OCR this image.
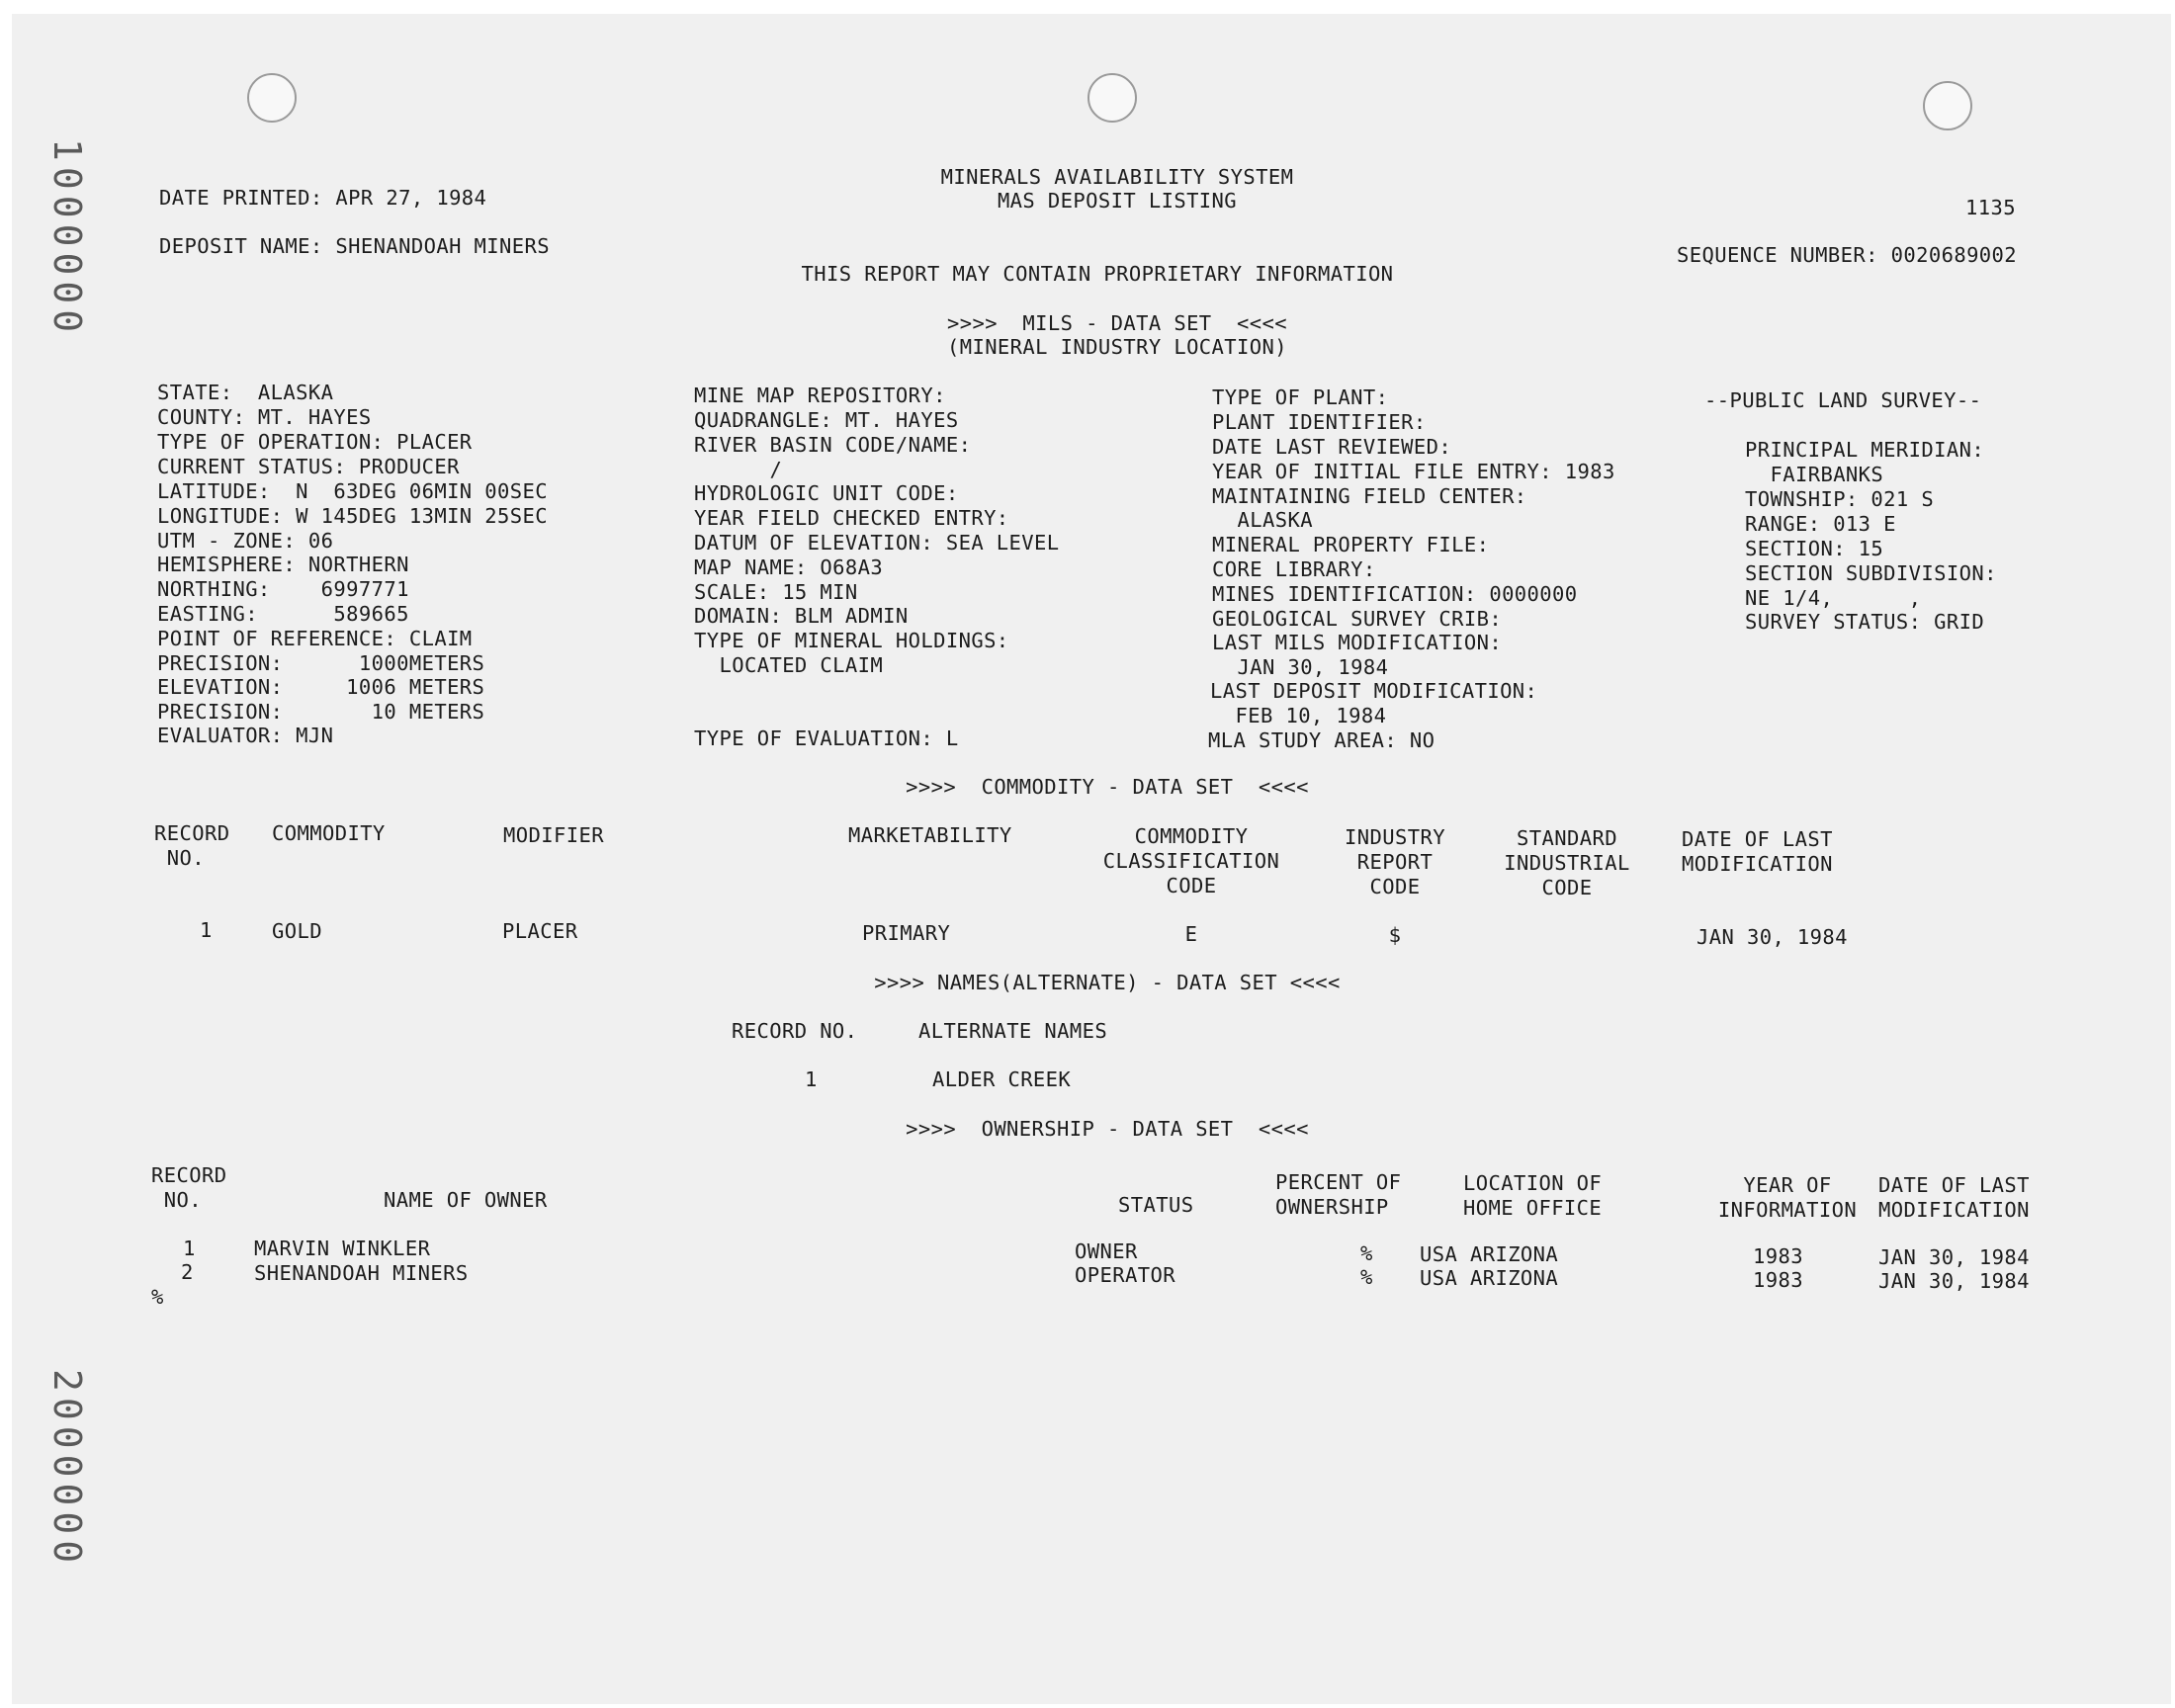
1000000
2000000
DATE PRINTED: APR 27, 1984
DEPOSIT NAME: SHENANDOAH MINERS
MINERALS AVAILABILITY SYSTEM
MAS DEPOSIT LISTING	1135
SEQUENCE NUMBER: 0020689002
THIS REPORT MAY CONTAIN PROPRIETARY INFORMATION
>>>>  MILS - DATA SET  <<<<
(MINERAL INDUSTRY LOCATION)
STATE:  ALASKA
COUNTY: MT. HAYES
TYPE OF OPERATION: PLACER
CURRENT STATUS: PRODUCER
LATITUDE:  N  63DEG 06MIN 00SEC
LONGITUDE: W 145DEG 13MIN 25SEC
UTM - ZONE: 06
HEMISPHERE: NORTHERN
NORTHING:    6997771
EASTING:      589665
POINT OF REFERENCE: CLAIM
PRECISION:      1000METERS
ELEVATION:     1006 METERS
PRECISION:       10 METERS
EVALUATOR: MJN
MINE MAP REPOSITORY:
QUADRANGLE: MT. HAYES
RIVER BASIN CODE/NAME:
/
HYDROLOGIC UNIT CODE:
YEAR FIELD CHECKED ENTRY:
DATUM OF ELEVATION: SEA LEVEL
MAP NAME: O68A3
SCALE: 15 MIN
DOMAIN: BLM ADMIN
TYPE OF MINERAL HOLDINGS:
LOCATED CLAIM
TYPE OF EVALUATION: L
TYPE OF PLANT:
PLANT IDENTIFIER:
DATE LAST REVIEWED:
YEAR OF INITIAL FILE ENTRY: 1983
MAINTAINING FIELD CENTER:
ALASKA
MINERAL PROPERTY FILE:
CORE LIBRARY:
MINES IDENTIFICATION: 0000000
GEOLOGICAL SURVEY CRIB:
LAST MILS MODIFICATION:
JAN 30, 1984
LAST DEPOSIT MODIFICATION:
FEB 10, 1984
MLA STUDY AREA: NO
--PUBLIC LAND SURVEY--
PRINCIPAL MERIDIAN:
FAIRBANKS
TOWNSHIP: 021 S
RANGE: 013 E
SECTION: 15
SECTION SUBDIVISION:
NE 1/4,      ,
SURVEY STATUS: GRID
>>>>  COMMODITY - DATA SET  <<<<
RECORD
NO.
COMMODITY	MODIFIER	MARKETABILITY	COMMODITY
CLASSIFICATION
CODE
INDUSTRY
REPORT
CODE
STANDARD
INDUSTRIAL
CODE
DATE OF LAST
MODIFICATION
1	GOLD	PLACER	PRIMARY	E	$	JAN 30, 1984
>>>> NAMES(ALTERNATE) - DATA SET <<<<
RECORD NO.	ALTERNATE NAMES
1	ALDER CREEK
>>>>  OWNERSHIP - DATA SET  <<<<
RECORD
NO.	NAME OF OWNER	STATUS
PERCENT OF
OWNERSHIP
LOCATION OF
HOME OFFICE
YEAR OF
INFORMATION
DATE OF LAST
MODIFICATION
1	MARVIN WINKLER	OWNER	% USA ARIZONA	1983	JAN 30, 1984
2	SHENANDOAH MINERS	OPERATOR	% USA ARIZONA	1983	JAN 30, 1984
%
